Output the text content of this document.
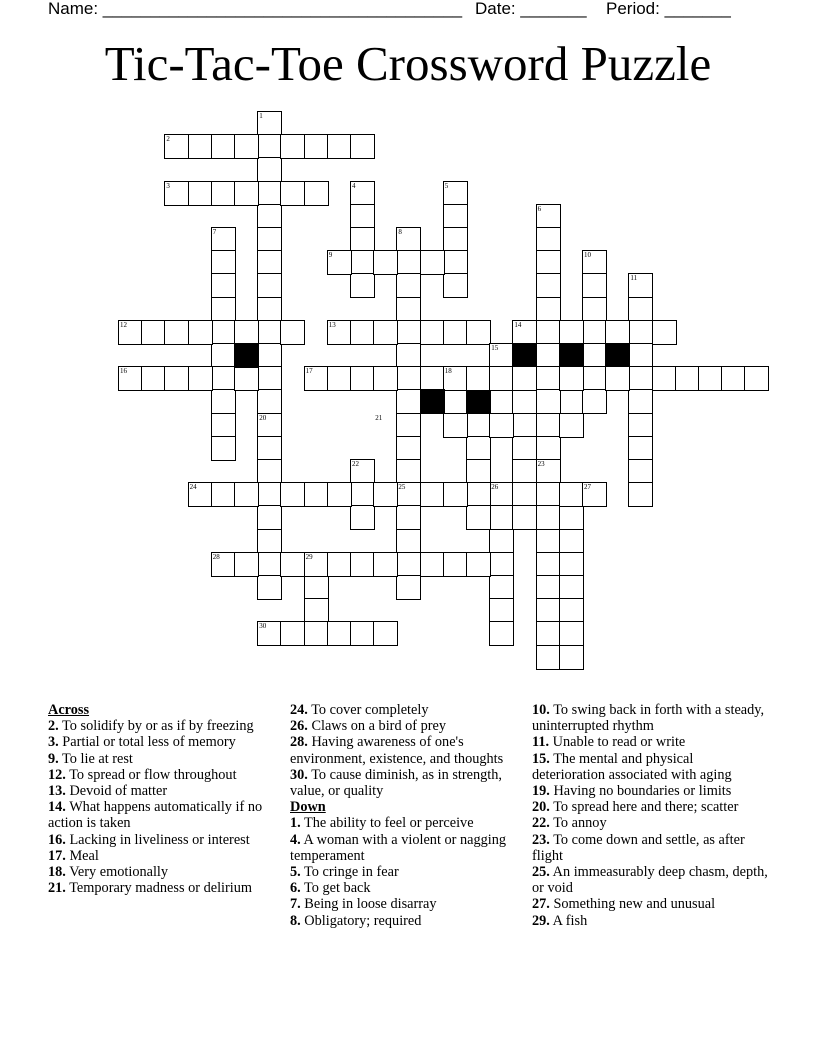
Name: ______________________________________ Date: _______ Period: _______
Tic-Tac-Toe Crossword Puzzle
1
2
3	4	5
6
7	8
9	10
11
12	13	14
15
16	17	18
19
20	21
22	23
24	25	26	27
28	29
30
Across
2. To solidify by or as if by freezing
3. Partial or total less of memory
9. To lie at rest
12. To spread or flow throughout
13. Devoid of matter
14. What happens automatically if no action is taken
16. Lacking in liveliness or interest
17. Meal
18. Very emotionally
21. Temporary madness or delirium
24. To cover completely
26. Claws on a bird of prey
28. Having awareness of one's environment, existence, and thoughts
30. To cause diminish, as in strength, value, or quality
Down
1. The ability to feel or perceive
4. A woman with a violent or nagging temperament
5. To cringe in fear
6. To get back
7. Being in loose disarray
8. Obligatory; required
10. To swing back in forth with a steady, uninterrupted rhythm
11. Unable to read or write
15. The mental and physical deterioration associated with aging
19. Having no boundaries or limits
20. To spread here and there; scatter
22. To annoy
23. To come down and settle, as after flight
25. An immeasurably deep chasm, depth, or void
27. Something new and unusual
29. A fish
